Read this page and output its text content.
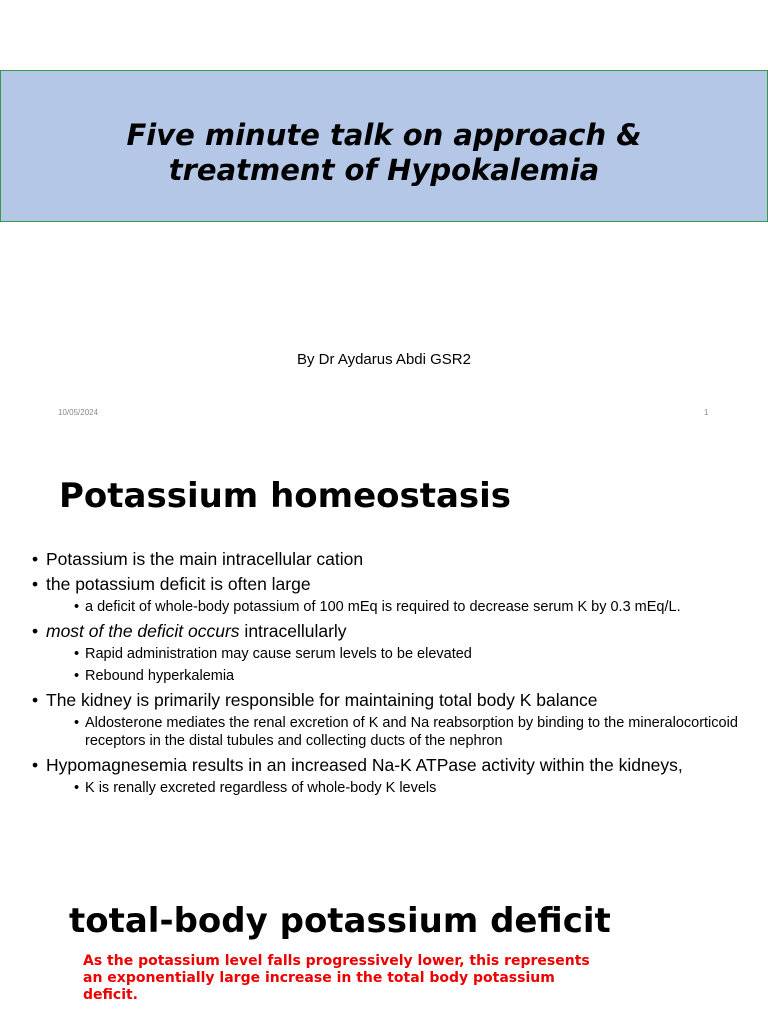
Five minute talk on approach &
treatment of Hypokalemia
By Dr Aydarus Abdi GSR2
10/05/2024	1
Potassium homeostasis
• Potassium is the main intracellular cation
• the potassium deficit is often large
• a deficit of whole-body potassium of 100 mEq is required to decrease serum K by 0.3 mEq/L.
• most of the deficit occurs intracellularly
• Rapid administration may cause serum levels to be elevated
• Rebound hyperkalemia
• The kidney is primarily responsible for maintaining total body K balance
• Aldosterone mediates the renal excretion of K and Na reabsorption by binding to the mineralocorticoid receptors in the distal tubules and collecting ducts of the nephron
• Hypomagnesemia results in an increased Na-K ATPase activity within the kidneys,
• K is renally excreted regardless of whole-body K levels
total-body potassium deficit
As the potassium level falls progressively lower, this represents an exponentially large increase in the total body potassium deficit.
